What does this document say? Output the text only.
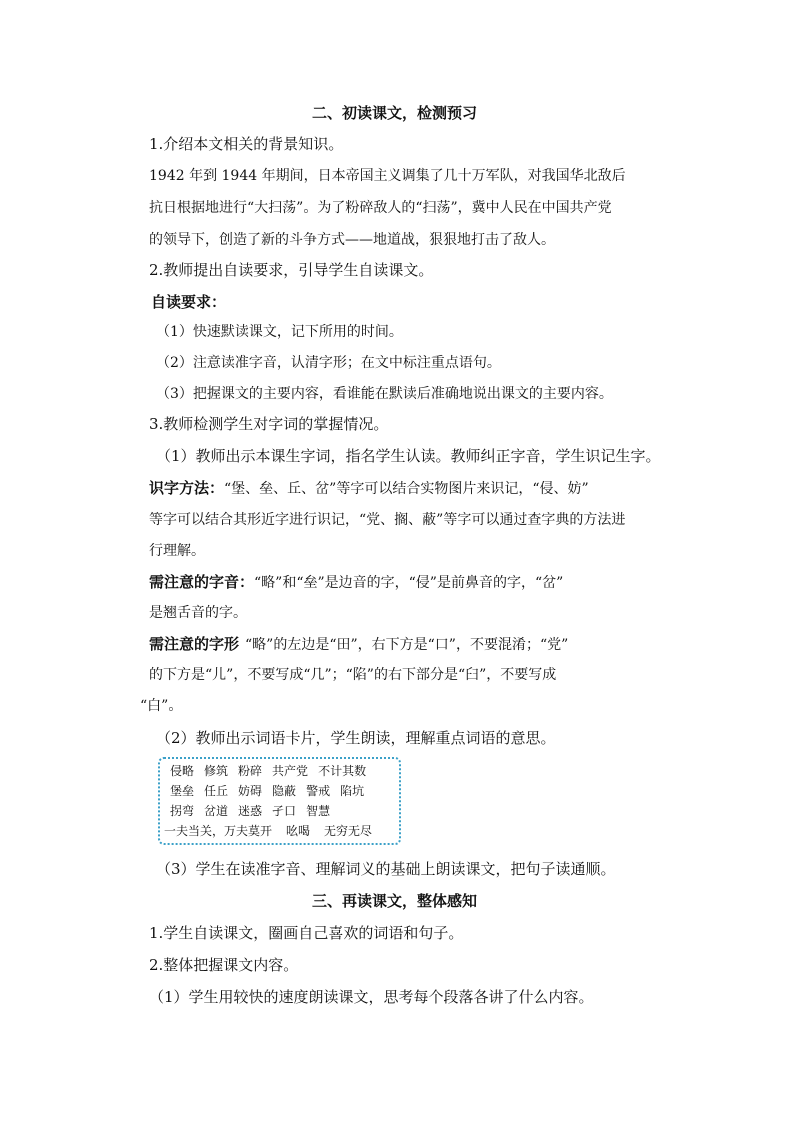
二、初读课文，检测预习
1.介绍本文相关的背景知识。
1942 年到 1944 年期间，日本帝国主义调集了几十万军队，对我国华北敌后
抗日根据地进行“大扫荡”。为了粉碎敌人的“扫荡”，冀中人民在中国共产党
的领导下，创造了新的斗争方式——地道战，狠狠地打击了敌人。
2.教师提出自读要求，引导学生自读课文。
自读要求：
（1）快速默读课文，记下所用的时间。
（2）注意读准字音，认清字形；在文中标注重点语句。
（3）把握课文的主要内容，看谁能在默读后准确地说出课文的主要内容。
3.教师检测学生对字词的掌握情况。
（1）教师出示本课生字词，指名学生认读。教师纠正字音，学生识记生字。
识字方法：“堡、垒、丘、岔”等字可以结合实物图片来识记，“侵、妨”
等字可以结合其形近字进行识记，“党、搁、蔽”等字可以通过查字典的方法进
行理解。
需注意的字音：“略”和“垒”是边音的字，“侵”是前鼻音的字，“岔”
是翘舌音的字。
需注意的字形 “略”的左边是“田”，右下方是“口”，不要混淆；“党”
的下方是“儿”，不要写成“几”；“陷”的右下部分是“臼”，不要写成
“白”。
（2）教师出示词语卡片，学生朗读，理解重点词语的意思。
侵略 修筑 粉碎 共产党 不计其数
堡垒 任丘 妨碍 隐蔽 警戒 陷坑
拐弯 岔道 迷惑 孑口 智慧
一夫当关，万夫莫开 吆喝 无穷无尽
（3）学生在读准字音、理解词义的基础上朗读课文，把句子读通顺。
三、再读课文，整体感知
1.学生自读课文，圈画自己喜欢的词语和句子。
2.整体把握课文内容。
（1）学生用较快的速度朗读课文，思考每个段落各讲了什么内容。
